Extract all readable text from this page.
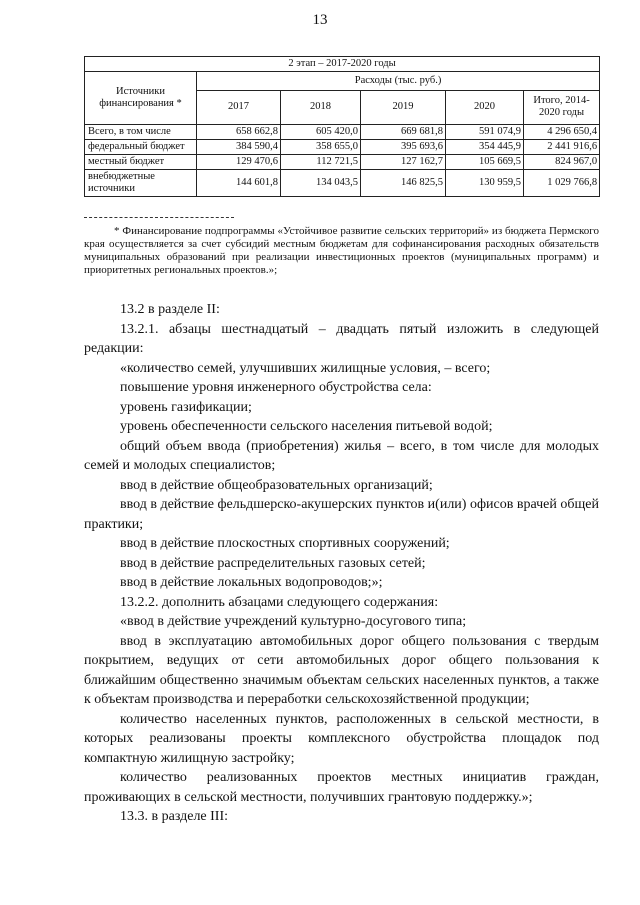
13
2 этап – 2017-2020 годы					
Источники финансирования *	Расходы (тыс. руб.)				
	2017	2018	2019	2020	Итого, 2014-2020 годы
Всего, в том числе	658 662,8	605 420,0	669 681,8	591 074,9	4 296 650,4
федеральный бюджет	384 590,4	358 655,0	395 693,6	354 445,9	2 441 916,6
местный бюджет	129 470,6	112 721,5	127 162,7	105 669,5	824 967,0
внебюджетные источники	144 601,8	134 043,5	146 825,5	130 959,5	1 029 766,8

* Финансирование подпрограммы «Устойчивое развитие сельских территорий» из бюджета Пермского края осуществляется за счет субсидий местным бюджетам для софинансирования расходных обязательств муниципальных образований при реализации инвестиционных проектов (муниципальных программ) и приоритетных региональных проектов.»;

13.2 в разделе II:

13.2.1. абзацы шестнадцатый – двадцать пятый изложить в следующей редакции:

«количество семей, улучшивших жилищные условия, – всего;

повышение уровня инженерного обустройства села:

уровень газификации;

уровень обеспеченности сельского населения питьевой водой;

общий объем ввода (приобретения) жилья – всего, в том числе для молодых семей и молодых специалистов;

ввод в действие общеобразовательных организаций;

ввод в действие фельдшерско-акушерских пунктов и(или) офисов врачей общей практики;

ввод в действие плоскостных спортивных сооружений;

ввод в действие распределительных газовых сетей;

ввод в действие локальных водопроводов;»;

13.2.2. дополнить абзацами следующего содержания:

«ввод в действие учреждений культурно-досугового типа;

ввод в эксплуатацию автомобильных дорог общего пользования с твердым покрытием, ведущих от сети автомобильных дорог общего пользования к ближайшим общественно значимым объектам сельских населенных пунктов, а также к объектам производства и переработки сельскохозяйственной продукции;

количество населенных пунктов, расположенных в сельской местности, в которых реализованы проекты комплексного обустройства площадок под компактную жилищную застройку;

количество реализованных проектов местных инициатив граждан, проживающих в сельской местности, получивших грантовую поддержку.»;

13.3. в разделе III:
